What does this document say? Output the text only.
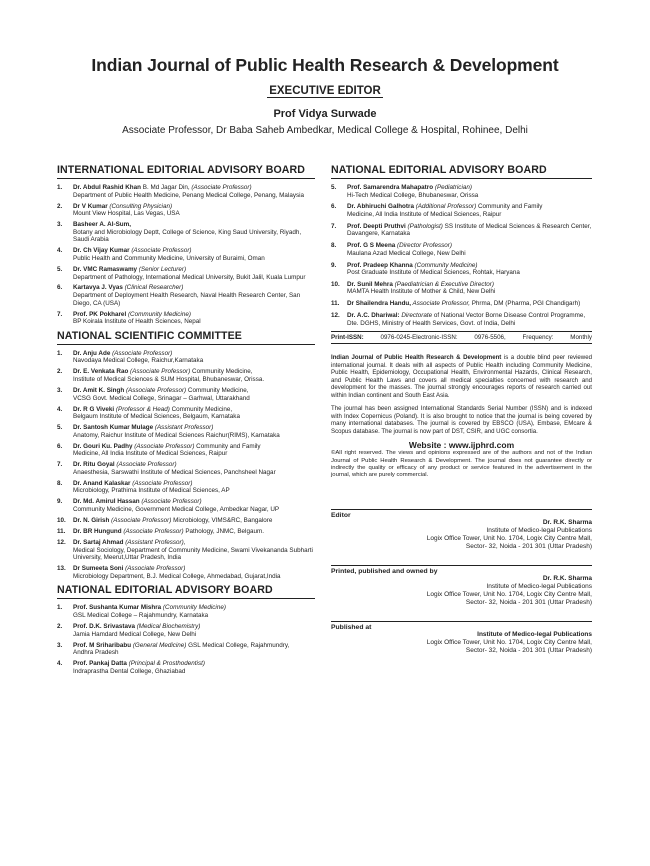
Indian Journal of Public Health Research & Development
EXECUTIVE EDITOR
Prof Vidya Surwade
Associate Professor, Dr Baba Saheb Ambedkar, Medical College & Hospital, Rohinee, Delhi
INTERNATIONAL EDITORIAL ADVISORY BOARD
1. Dr. Abdul Rashid Khan B. Md Jagar Din, (Associate Professor)
Department of Public Health Medicine, Penang Medical College, Penang, Malaysia
2. Dr V Kumar (Consulting Physician)
Mount View Hospital, Las Vegas, USA
3. Basheer A. Al-Sum,
Botany and Microbiology Deptt, College of Science, King Saud University, Riyadh, Saudi Arabia
4. Dr. Ch Vijay Kumar (Associate Professor)
Public Health and Community Medicine, University of Buraimi, Oman
5. Dr. VMC Ramaswamy (Senior Lecturer)
Department of Pathology, International Medical University, Bukit Jalil, Kuala Lumpur
6. Kartavya J. Vyas (Clinical Researcher)
Department of Deployment Health Research, Naval Health Research Center, San Diego, CA (USA)
7. Prof. PK Pokharel (Community Medicine)
BP Koirala Institute of Health Sciences, Nepal
NATIONAL SCIENTIFIC COMMITTEE
1. Dr. Anju Ade (Associate Professor)
Navodaya Medical College, Raichur,Karnataka
2. Dr. E. Venkata Rao (Associate Professor) Community Medicine,
Institute of Medical Sciences & SUM Hospital, Bhubaneswar, Orissa.
3. Dr. Amit K. Singh (Associate Professor) Community Medicine,
VCSG Govt. Medical College, Srinagar – Garhwal, Uttarakhand
4. Dr. R G Viveki (Professor & Head) Community Medicine,
Belgaum Institute of Medical Sciences, Belgaum, Karnataka
5. Dr. Santosh Kumar Mulage (Assistant Professor)
Anatomy, Raichur Institute of Medical Sciences Raichur(RIMS), Karnataka
6. Dr. Gouri Ku. Padhy (Associate Professor) Community and Family
Medicine, All India Institute of Medical Sciences, Raipur
7. Dr. Ritu Goyal (Associate Professor)
Anaesthesia, Sarswathi Institute of Medical Sciences, Panchsheel Nagar
8. Dr. Anand Kalaskar (Associate Professor)
Microbiology, Prathima Institute of Medical Sciences, AP
9. Dr. Md. Amirul Hassan (Associate Professor)
Community Medicine, Government Medical College, Ambedkar Nagar, UP
10. Dr. N. Girish (Associate Professor) Microbiology, VIMS&RC, Bangalore
11. Dr. BR Hungund (Associate Professor) Pathology, JNMC, Belgaum.
12. Dr. Sartaj Ahmad (Assistant Professor),
Medical Sociology, Department of Community Medicine, Swami Vivekananda Subharti University, Meerut,Uttar Pradesh, India
13. Dr Sumeeta Soni (Associate Professor)
Microbiology Department, B.J. Medical College, Ahmedabad, Gujarat,India
NATIONAL EDITORIAL ADVISORY BOARD
1. Prof. Sushanta Kumar Mishra (Community Medicine)
GSL Medical College – Rajahmundry, Karnataka
2. Prof. D.K. Srivastava (Medical Biochemistry)
Jamia Hamdard Medical College, New Delhi
3. Prof. M Sriharibabu (General Medicine) GSL Medical College, Rajahmundry,
Andhra Pradesh
4. Prof. Pankaj Datta (Principal & Prosthodentist)
Indraprastha Dental College, Ghaziabad
NATIONAL EDITORIAL ADVISORY BOARD
5. Prof. Samarendra Mahapatro (Pediatrician)
Hi-Tech Medical College, Bhubaneswar, Orissa
6. Dr. Abhiruchi Galhotra (Additional Professor) Community and Family
Medicine, All India Institute of Medical Sciences, Raipur
7. Prof. Deepti Pruthvi (Pathologist) SS Institute of Medical Sciences & Research Center, Davangere, Karnataka
8. Prof. G S Meena (Director Professor)
Maulana Azad Medical College, New Delhi
9. Prof. Pradeep Khanna (Community Medicine)
Post Graduate Institute of Medical Sciences, Rohtak, Haryana
10. Dr. Sunil Mehra (Paediatrician & Executive Director)
MAMTA Health Institute of Mother & Child, New Delhi
11. Dr Shailendra Handu, Associate Professor, Phrma, DM (Pharma, PGI Chandigarh)
12. Dr. A.C. Dhariwal: Directorate of National Vector Borne Disease Control Programme, Dte. DGHS, Ministry of Health Services, Govt. of India, Delhi
Print-ISSN:	0976-0245-Electronic-ISSN:	0976-5506,	Frequency:	Monthly
Indian Journal of Public Health Research & Development is a double blind peer reviewed international journal. It deals with all aspects of Public Health including Community Medicine, Public Health, Epidemiology, Occupational Health, Environmental Hazards, Clinical Research, and Public Health Laws and covers all medical specialties concerned with research and development for the masses. The journal strongly encourages reports of research carried out within Indian continent and South East Asia.
The journal has been assigned International Standards Serial Number (ISSN) and is indexed with Index Copernicus (Poland). It is also brought to notice that the journal is being covered by many international databases. The journal is covered by EBSCO (USA), Embase, EMcare & Scopus database. The journal is now part of DST, CSIR, and UGC consortia.
Website : www.ijphrd.com
©All right reserved. The views and opinions expressed are of the authors and not of the Indian Journal of Public Health Research & Development. The journal does not guarantee directly or indirectly the quality or efficacy of any product or service featured in the advertisement in the journal, which are purely commercial.
Editor
Dr. R.K. Sharma
Institute of Medico-legal Publications
Logix Office Tower, Unit No. 1704, Logix City Centre Mall,
Sector- 32, Noida - 201 301 (Uttar Pradesh)
Printed, published and owned by
Dr. R.K. Sharma
Institute of Medico-legal Publications
Logix Office Tower, Unit No. 1704, Logix City Centre Mall,
Sector- 32, Noida - 201 301 (Uttar Pradesh)
Published at
Institute of Medico-legal Publications
Logix Office Tower, Unit No. 1704, Logix City Centre Mall,
Sector- 32, Noida - 201 301 (Uttar Pradesh)
